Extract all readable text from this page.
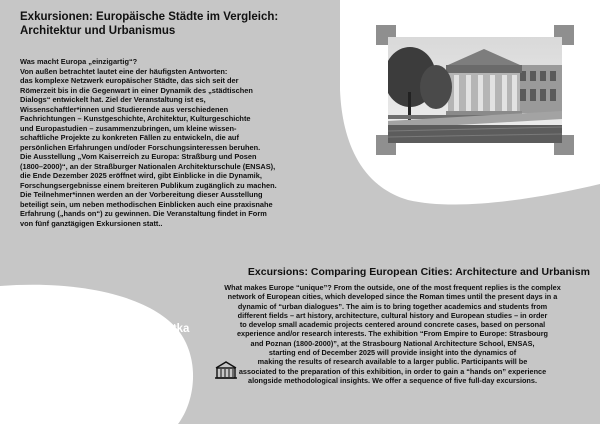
Exkursionen: Europäische Städte im Vergleich:
Architektur und Urbanismus
Was macht Europa „einzigartig“?
Von außen betrachtet lautet eine der häufigsten Antworten:
das komplexe Netzwerk europäischer Städte, das sich seit der
Römerzeit bis in die Gegenwart in einer Dynamik des „städtischen
Dialogs“ entwickelt hat. Ziel der Veranstaltung ist es,
Wissenschaftler*innen und Studierende aus verschiedenen
Fachrichtungen – Kunstgeschichte, Architektur, Kulturgeschichte
und Europastudien – zusammenzubringen, um kleine wissen-
schaftliche Projekte zu konkreten Fällen zu entwickeln, die auf
persönlichen Erfahrungen und/oder Forschungsinteressen beruhen.
Die Ausstellung „Vom Kaiserreich zu Europa: Straßburg und Posen
(1800–2000)“, an der Straßburger Nationalen Architekturschule (ENSAS),
die Ende Dezember 2025 eröffnet wird, gibt Einblicke in die Dynamik,
Forschungsergebnisse einem breiteren Publikum zugänglich zu machen.
Die Teilnehmer*innen werden an der Vorbereitung dieser Ausstellung
beteiligt sein, um neben methodischen Einblicken auch eine praxisnahe
Erfahrung („hands on“) zu gewinnen. Die Veranstaltung findet in Form
von fünf ganztägigen Exkursionen statt..
Excursions: Comparing European Cities: Architecture and Urbanism
What makes Europe “unique”? From the outside, one of the most frequent replies is the complex
network of European cities, which developed since the Roman times until the present days in a
dynamic of “urban dialogues”. The aim is to bring together academics and students from
different fields – art history, architecture, cultural history and European studies – in order
to develop small academic projects centered around concrete cases, based on personal
experience and/or research interests. The exhibition “From Empire to Europe: Strasbourg
and Poznan (1800-2000)”, at the Strasbourg National Architecture School, ENSAS,
starting end of December 2025 will provide insight into the dynamics of
making the results of research available to a larger public. Participants will be
associated to the preparation of this exhibition, in order to gain a “hands on” experience
alongside methodological insights. We offer a sequence of five full-day excursions.
Hon. Prof. Dr. Alexandre Kostka
Termine:
6.11./12.11./27.11./5.12.2025
